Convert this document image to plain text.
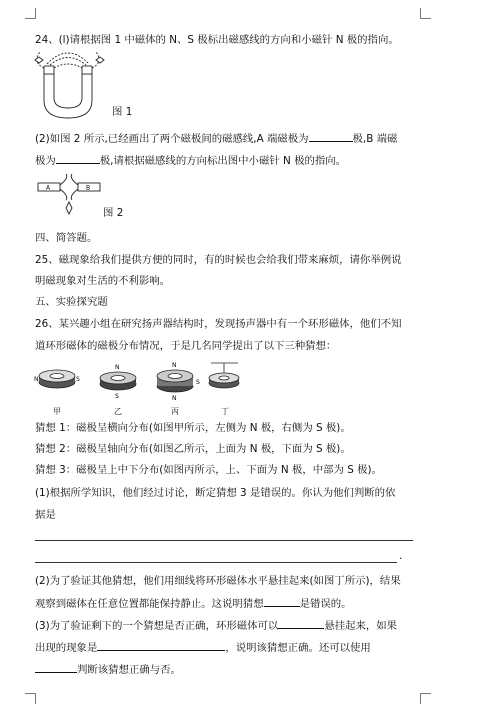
24、(l)请根据图 1 中磁体的 N、S 极标出磁感线的方向和小磁针 N 极的指向。
图 1
(2)如图 2 所示,已经画出了两个磁极间的磁感线,A 端磁极为	极,B 端磁
极为	极,请根据磁感线的方向标出图中小磁针 N 极的指向。
A	B
图 2
四、简答题。
25、磁现象给我们提供方便的同时，有的时候也会给我们带来麻烦，请你举例说
明磁现象对生活的不利影响。
五、实验探究题
26、某兴趣小组在研究扬声器结构时，发现扬声器中有一个环形磁体，他们不知
道环形磁体的磁极分布情况，于是几名同学提出了以下三种猜想：
N	S
N
S
N
S
N
甲	乙	丙	丁
猜想 1：磁极呈横向分布(如图甲所示，左侧为 N 极，右侧为 S 极)。
猜想 2：磁极呈轴向分布(如图乙所示，上面为 N 极，下面为 S 极)。
猜想 3：磁极呈上中下分布(如图丙所示，上、下面为 N 极，中部为 S 极)。
(1)根据所学知识，他们经过讨论，断定猜想 3 是错误的。你认为他们判断的依
据是
.
(2)为了验证其他猜想，他们用细线将环形磁体水平悬挂起来(如图丁所示)，结果
观察到磁体在任意位置都能保持静止。这说明猜想	是错误的。
(3)为了验证剩下的一个猜想是否正确，环形磁体可以	悬挂起来，如果
出现的现象是	，说明该猜想正确。还可以使用
判断该猜想正确与否。
